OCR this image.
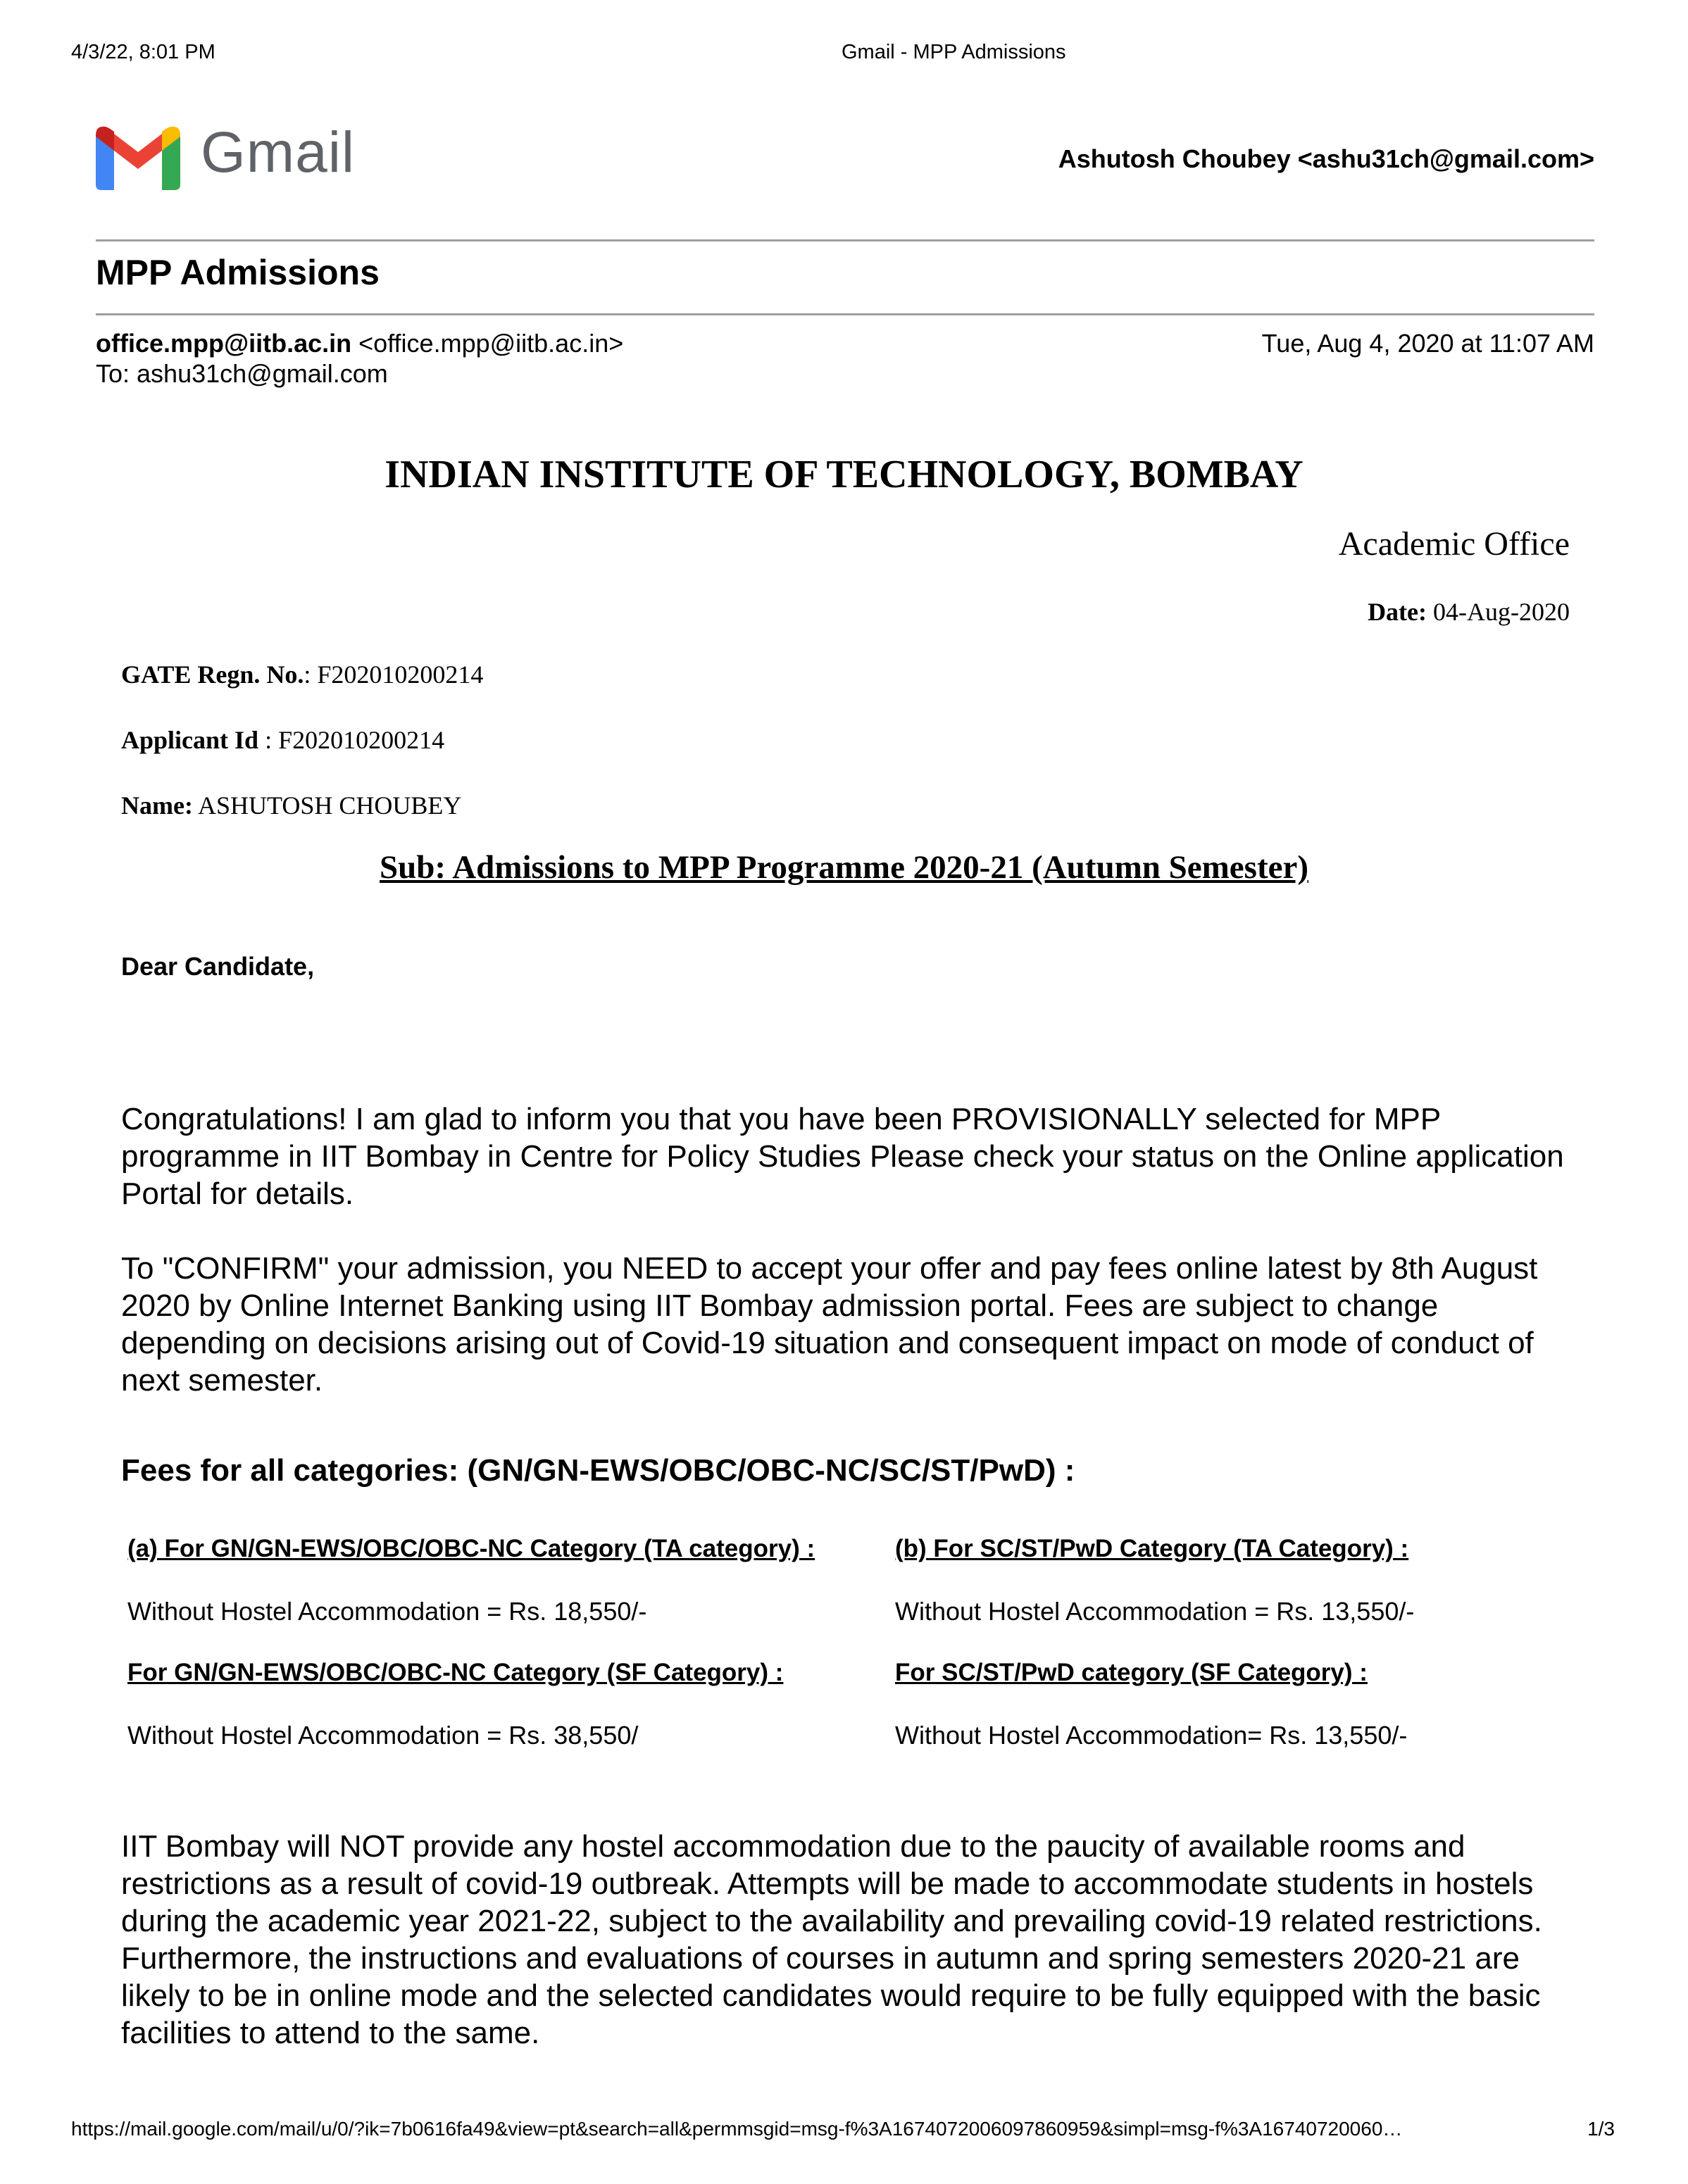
4/3/22, 8:01 PM	Gmail - MPP Admissions
Gmail	Ashutosh Choubey <ashu31ch@gmail.com>
MPP Admissions
office.mpp@iitb.ac.in <office.mpp@iitb.ac.in>
To: ashu31ch@gmail.com
Tue, Aug 4, 2020 at 11:07 AM
INDIAN INSTITUTE OF TECHNOLOGY, BOMBAY
Academic Office
Date: 04-Aug-2020
GATE Regn. No.: F202010200214
Applicant Id : F202010200214
Name: ASHUTOSH CHOUBEY
Sub: Admissions to MPP Programme 2020-21 (Autumn Semester)
Dear Candidate,
Congratulations! I am glad to inform you that you have been PROVISIONALLY selected for MPP programme in IIT Bombay in Centre for Policy Studies Please check your status on the Online application Portal for details.
To "CONFIRM" your admission, you NEED to accept your offer and pay fees online latest by 8th August 2020 by Online Internet Banking using IIT Bombay admission portal. Fees are subject to change depending on decisions arising out of Covid-19 situation and consequent impact on mode of conduct of next semester.
Fees for all categories: (GN/GN-EWS/OBC/OBC-NC/SC/ST/PwD) :
(a) For GN/GN-EWS/OBC/OBC-NC Category (TA category) :	(b) For SC/ST/PwD Category (TA Category) :
Without Hostel Accommodation = Rs. 18,550/-	Without Hostel Accommodation = Rs. 13,550/-
For GN/GN-EWS/OBC/OBC-NC Category (SF Category) :	For SC/ST/PwD category (SF Category) :
Without Hostel Accommodation = Rs. 38,550/	Without Hostel Accommodation= Rs. 13,550/-
IIT Bombay will NOT provide any hostel accommodation due to the paucity of available rooms and restrictions as a result of covid-19 outbreak. Attempts will be made to accommodate students in hostels during the academic year 2021-22, subject to the availability and prevailing covid-19 related restrictions. Furthermore, the instructions and evaluations of courses in autumn and spring semesters 2020-21 are likely to be in online mode and the selected candidates would require to be fully equipped with the basic facilities to attend to the same.
https://mail.google.com/mail/u/0/?ik=7b0616fa49&view=pt&search=all&permmsgid=msg-f%3A1674072006097860959&simpl=msg-f%3A16740720060…	1/3
